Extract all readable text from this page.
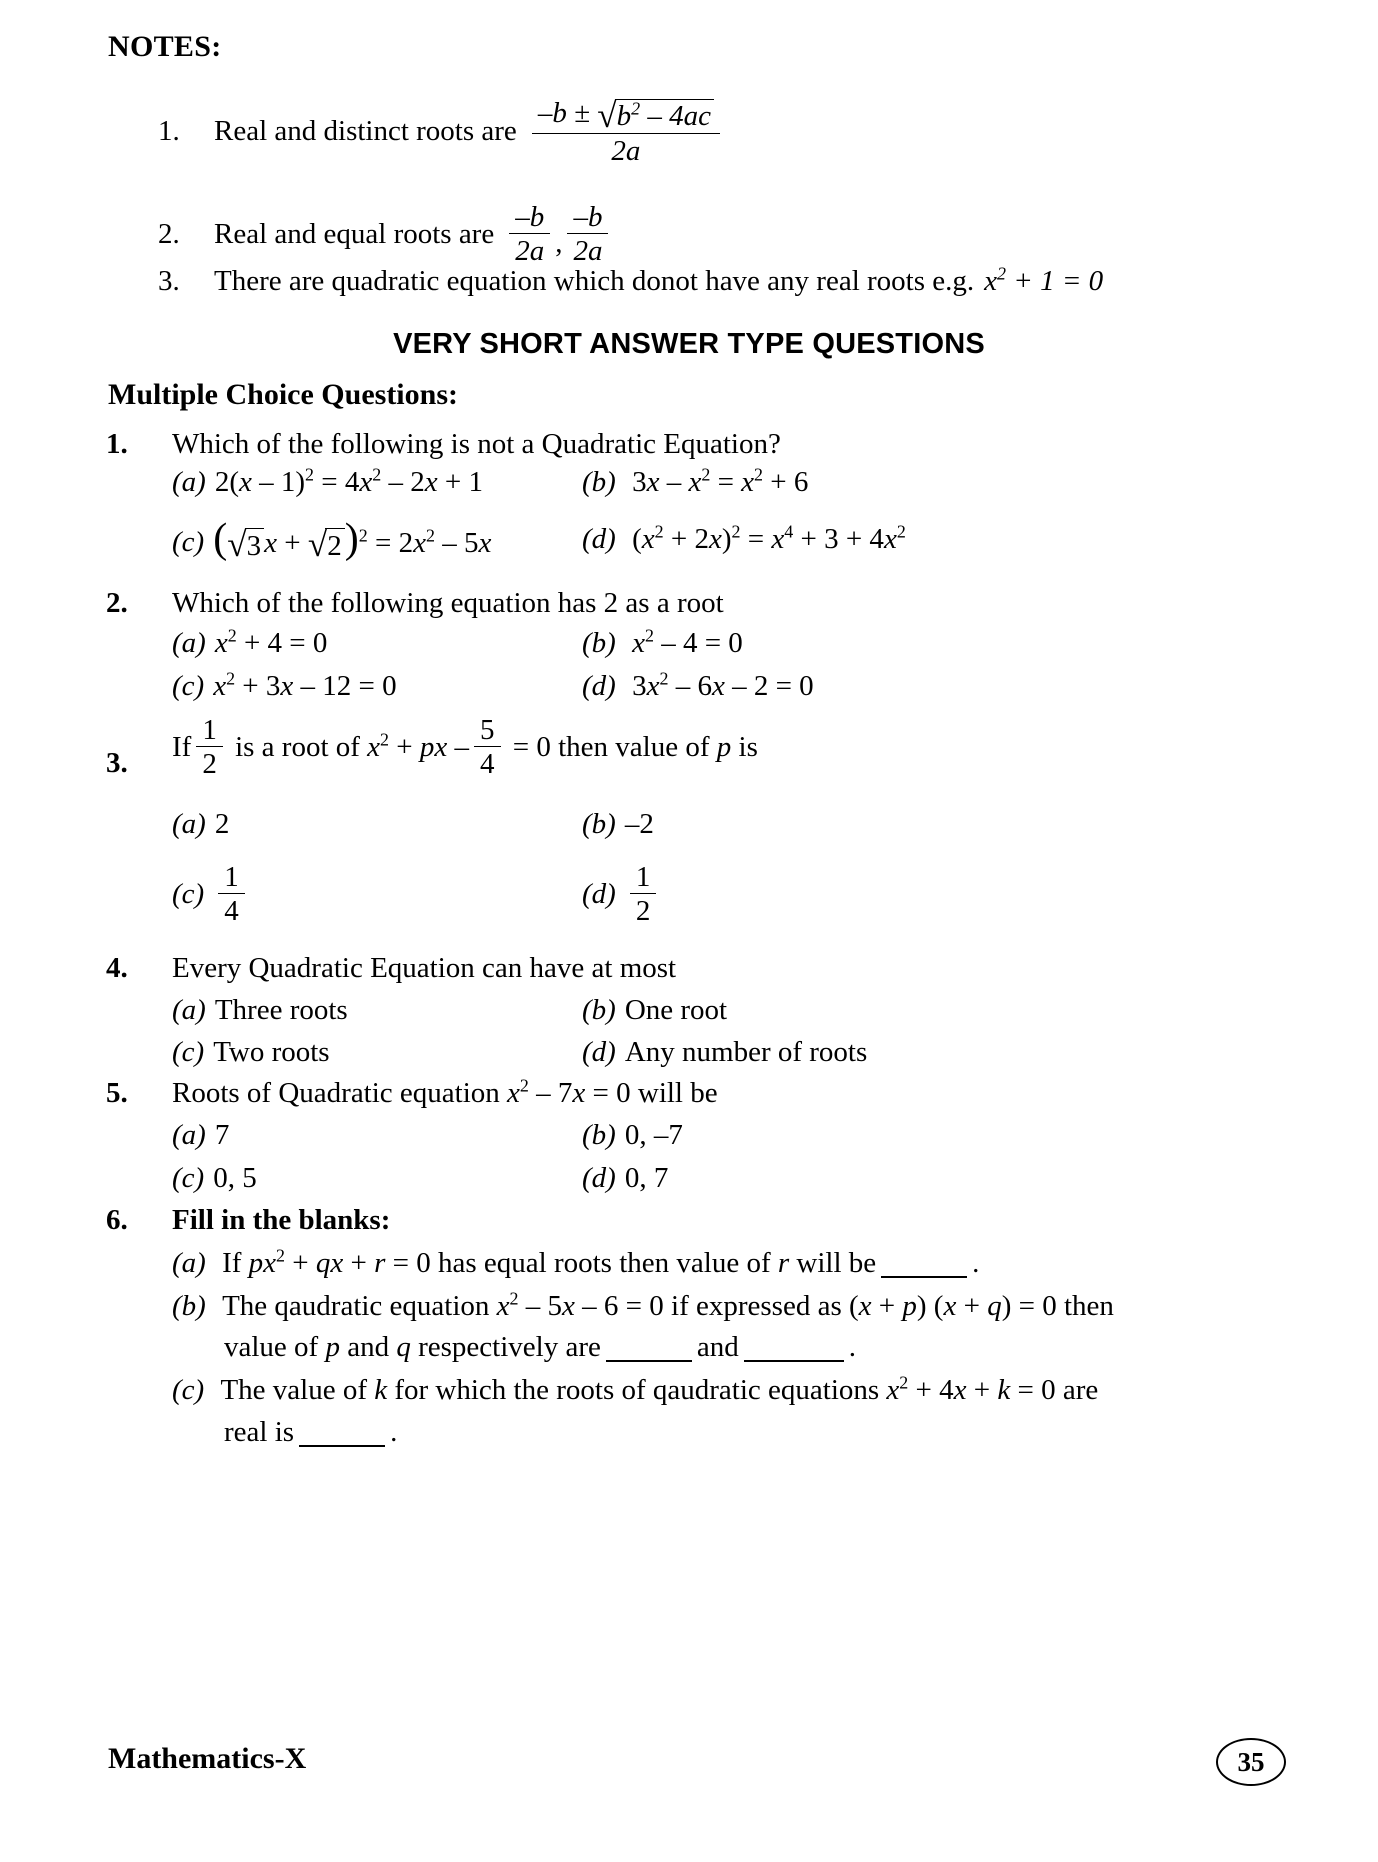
NOTES:
1.	Real and distinct roots are $\frac{-b \pm √ b^2 - 4ac}{2a}$
2.	Real and equal roots are $\frac{-b}{2a}$ , $\frac{-b}{2a}$
3.	There are quadratic equation which donot have any real roots e.g. $x^2 + 1 = 0$
VERY SHORT ANSWER TYPE QUESTIONS
Multiple Choice Questions:
1. Which of the following is not a Quadratic Equation?
(a) $2(x - 1)^2 = 4x^2 - 2x + 1$	(b) $3x - x^2 = x^2 + 6$
(c) ( √ 3 x + √ 2 )$^2 = 2x^2 - 5x$	(d) $(x^2 + 2x)^2 = x^4 + 3 + 4x^2$
2. Which of the following equation has 2 as a root
(a) $x^2 + 4 = 0$	(b) $x^2 - 4 = 0$
(c) $x^2 + 3x - 12 = 0$	(d) $3x^2 - 6x - 2 = 0$
3.
If $\frac{1}{2}$ is a root of $x^2$ + px – $\frac{5}{4} = 0$ then value of p is
(a) 2	(b) –2
$(c) \frac{1}{4}$	$(d) \frac{1}{2}$
4. Every Quadratic Equation can have at most
(a) Three roots	(b) One root
(c) Two roots	(d) Any number of roots
5. Roots of Quadratic equation $x^2 - 7x = 0$ will be
(a) 7	(b) 0, –7
(c) 0, 5	(d) 0, 7
6. Fill in the blanks:
(a) If $px^2$ + qx + r = 0 has equal roots then value of r will be	.
(b) The qaudratic equation $x^2 - 5x - 6 = 0$ if expressed as (x + p) (x + q) = 0 then
value of p and q respectively are	and	.
(c) The value of k for which the roots of qaudratic equations $x^2 + 4x + k = 0$ are
real is	.
Mathematics-X	35
